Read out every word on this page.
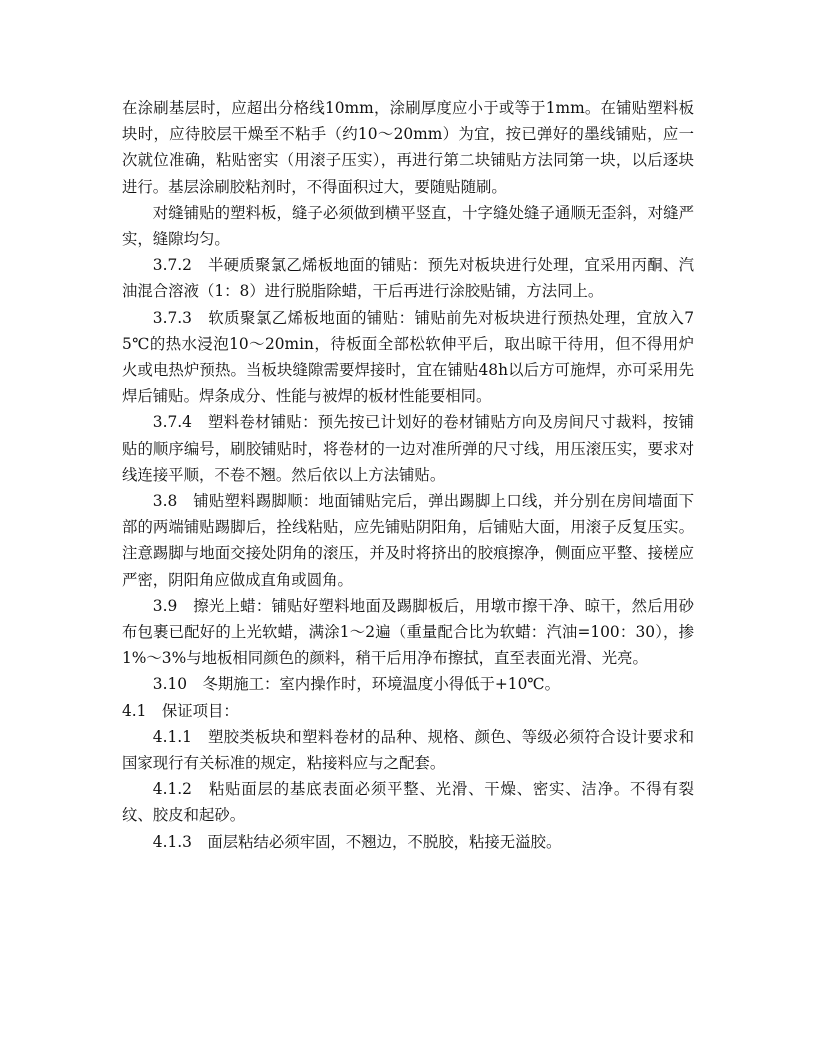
在涂刷基层时，应超出分格线10mm，涂刷厚度应小于或等于1mm。在铺贴塑料板块时，应待胶层干燥至不粘手（约10～20mm）为宜，按已弹好的墨线铺贴，应一次就位准确，粘贴密实（用滚子压实），再进行第二块铺贴方法同第一块，以后逐块进行。基层涂刷胶粘剂时，不得面积过大，要随贴随刷。

对缝铺贴的塑料板，缝子必须做到横平竖直，十字缝处缝子通顺无歪斜，对缝严实，缝隙均匀。

3.7.2　半硬质聚氯乙烯板地面的铺贴：预先对板块进行处理，宜采用丙酮、汽油混合溶液（1：8）进行脱脂除蜡，干后再进行涂胶贴铺，方法同上。

3.7.3　软质聚氯乙烯板地面的铺贴：铺贴前先对板块进行预热处理，宜放入75℃的热水浸泡10～20min，待板面全部松软伸平后，取出晾干待用，但不得用炉火或电热炉预热。当板块缝隙需要焊接时，宜在铺贴48h以后方可施焊，亦可采用先焊后铺贴。焊条成分、性能与被焊的板材性能要相同。

3.7.4　塑料卷材铺贴：预先按已计划好的卷材铺贴方向及房间尺寸裁料，按铺贴的顺序编号，刷胶铺贴时，将卷材的一边对准所弹的尺寸线，用压滚压实，要求对线连接平顺，不卷不翘。然后依以上方法铺贴。

3.8　铺贴塑料踢脚顺：地面铺贴完后，弹出踢脚上口线，并分别在房间墙面下部的两端铺贴踢脚后，拴线粘贴，应先铺贴阴阳角，后铺贴大面，用滚子反复压实。注意踢脚与地面交接处阴角的滚压，并及时将挤出的胶痕擦净，侧面应平整、接槎应严密，阴阳角应做成直角或圆角。

3.9　擦光上蜡：铺贴好塑料地面及踢脚板后，用墩市擦干净、晾干，然后用砂布包裹已配好的上光软蜡，满涂1～2遍（重量配合比为软蜡：汽油=100：30），掺1%～3%与地板相同颜色的颜料，稍干后用净布擦拭，直至表面光滑、光亮。

3.10　冬期施工：室内操作时，环境温度小得低于+10℃。

4.1　保证项目：

4.1.1　塑胶类板块和塑料卷材的品种、规格、颜色、等级必须符合设计要求和国家现行有关标准的规定，粘接料应与之配套。

4.1.2　粘贴面层的基底表面必须平整、光滑、干燥、密实、洁净。不得有裂纹、胶皮和起砂。

4.1.3　面层粘结必须牢固，不翘边，不脱胶，粘接无溢胶。
